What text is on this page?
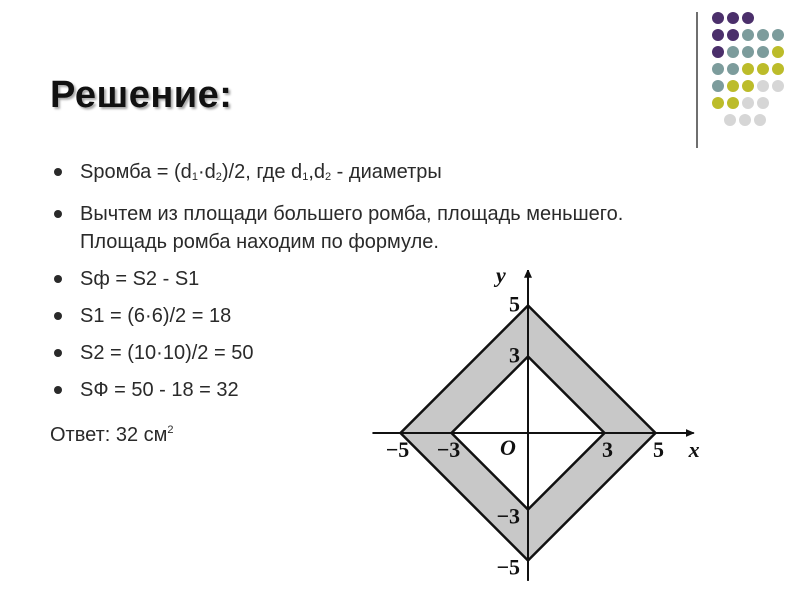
Решение:
Sромба = (d1·d2)/2, где d1,d2 - диаметры
Вычтем из площади большего ромба, площадь меньшего. Площадь ромба находим по формуле.
Sф = S2 - S1
S1 = (6·6)/2 = 18
S2 = (10·10)/2 = 50
SФ = 50 - 18 = 32
Ответ: 32 $см^2$
−5 −3	3 5
5
3
−3
−5
x
y
O
